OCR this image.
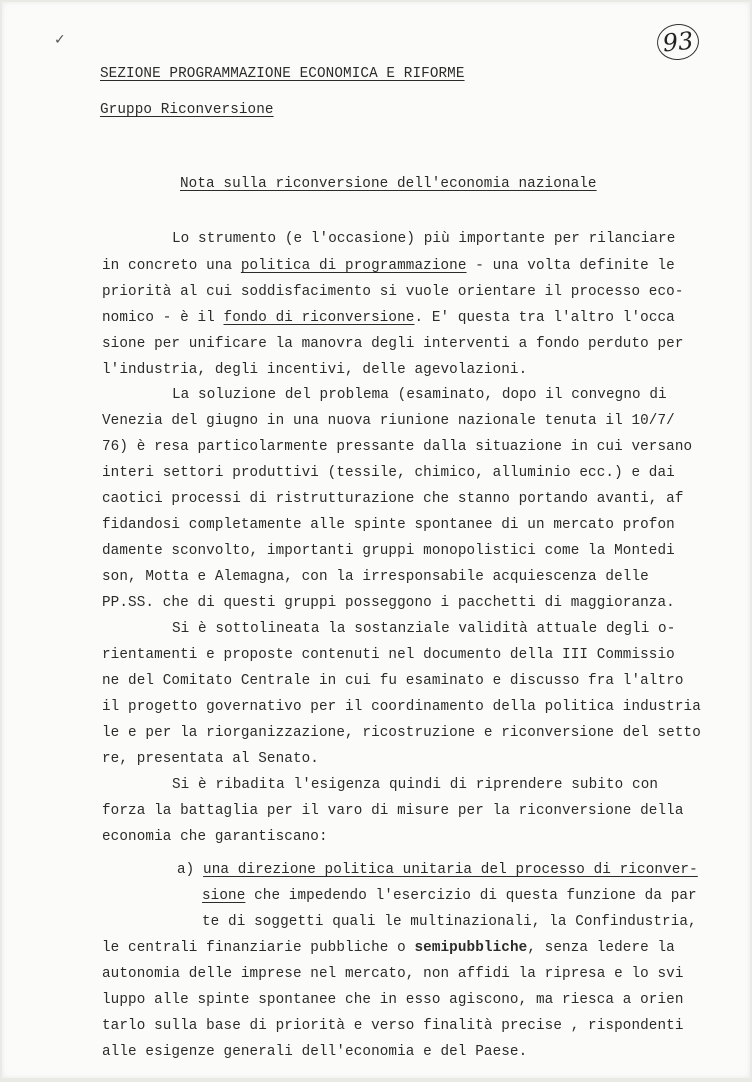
✓	93

SEZIONE PROGRAMMAZIONE ECONOMICA E RIFORME

Gruppo Riconversione

Nota sulla riconversione dell'economia nazionale

Lo strumento (e l'occasione) più importante per rilanciare

in concreto una politica di programmazione - una volta definite le

priorità al cui soddisfacimento si vuole orientare il processo eco-

nomico - è il fondo di riconversione. E' questa tra l'altro l'occa

sione per unificare la manovra degli interventi a fondo perduto per

l'industria, degli incentivi, delle agevolazioni.

La soluzione del problema (esaminato, dopo il convegno di

Venezia del giugno in una nuova riunione nazionale tenuta il 10/7/

76) è resa particolarmente pressante dalla situazione in cui versano

interi settori produttivi (tessile, chimico, alluminio ecc.) e dai

caotici processi di ristrutturazione che stanno portando avanti, af

fidandosi completamente alle spinte spontanee di un mercato profon

damente sconvolto, importanti gruppi monopolistici come la Montedi

son, Motta e Alemagna, con la irresponsabile acquiescenza delle

PP.SS. che di questi gruppi posseggono i pacchetti di maggioranza.

Si è sottolineata la sostanziale validità attuale degli o-

rientamenti e proposte contenuti nel documento della III Commissio

ne del Comitato Centrale in cui fu esaminato e discusso fra l'altro

il progetto governativo per il coordinamento della politica industria

le e per la riorganizzazione, ricostruzione e riconversione del setto

re, presentata al Senato.

Si è ribadita l'esigenza quindi di riprendere subito con

forza la battaglia per il varo di misure per la riconversione della

economia che garantiscano:

a) una direzione politica unitaria del processo di riconver-

sione che impedendo l'esercizio di questa funzione da par

te di soggetti quali le multinazionali, la Confindustria,

le centrali finanziarie pubbliche o semipubbliche, senza ledere la

autonomia delle imprese nel mercato, non affidi la ripresa e lo svi

luppo alle spinte spontanee che in esso agiscono, ma riesca a orien

tarlo sulla base di priorità e verso finalità precise , rispondenti

alle esigenze generali dell'economia e del Paese.
